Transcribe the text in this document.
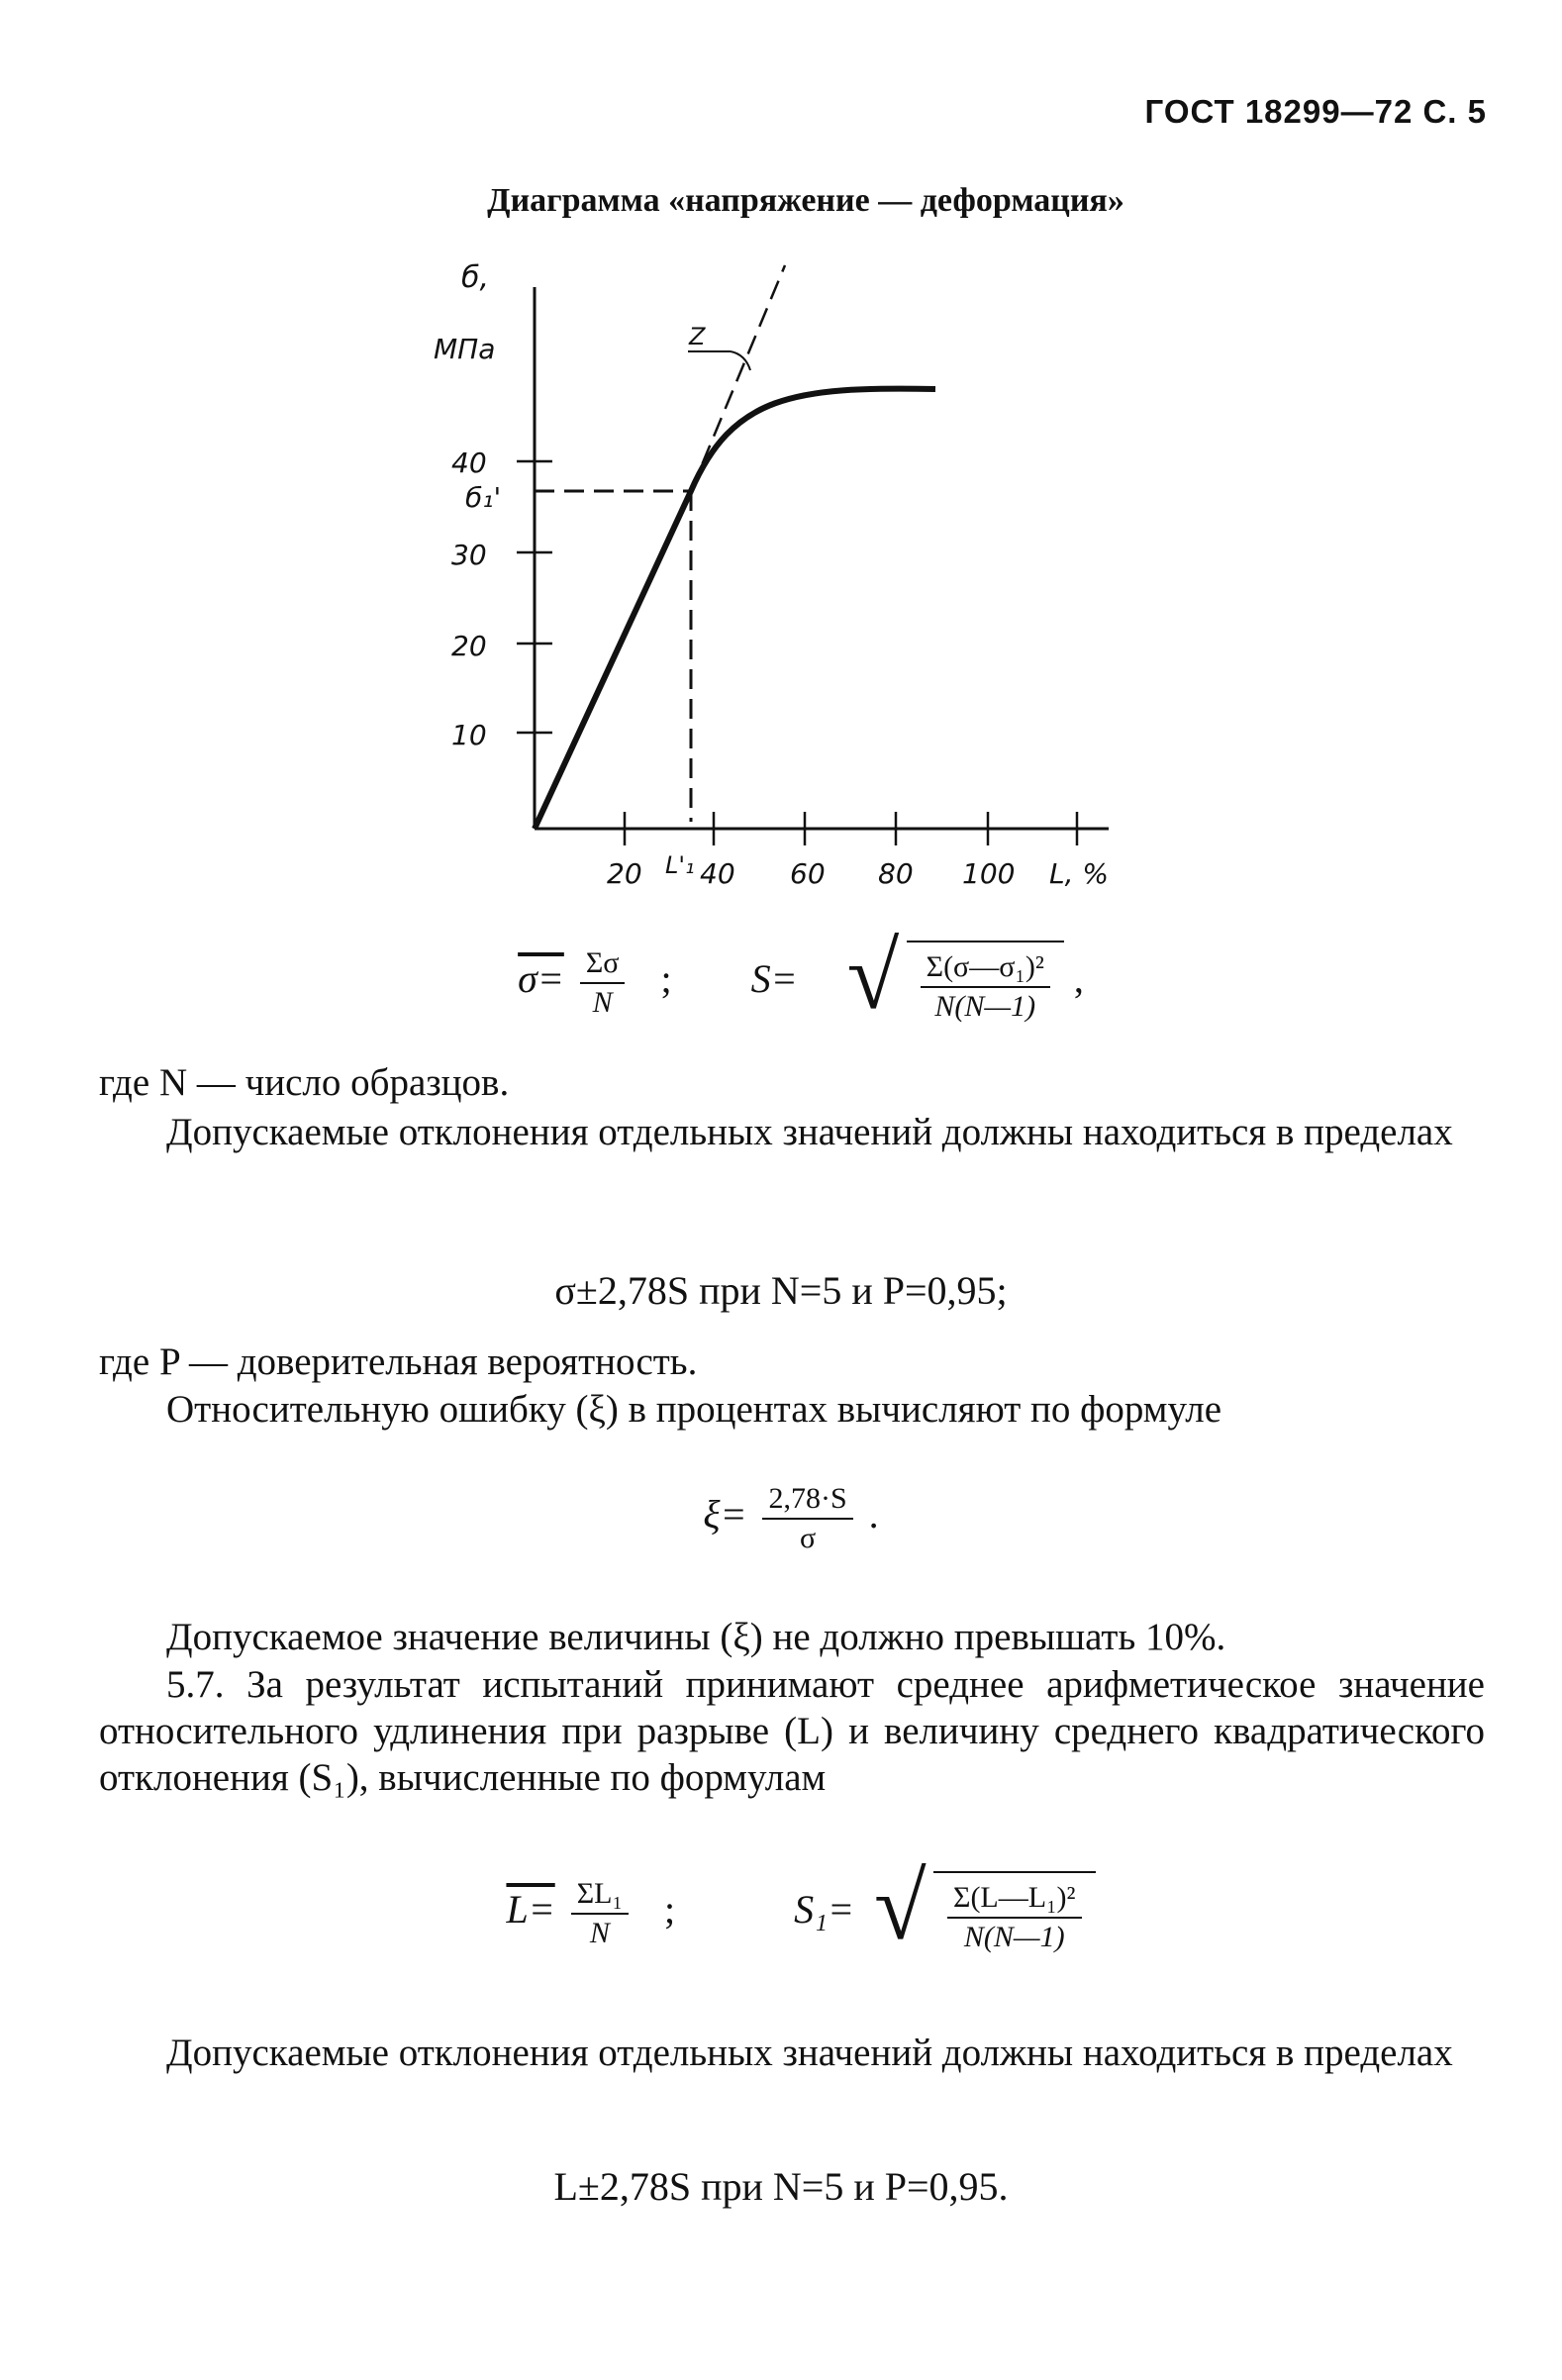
ГОСТ 18299—72 С. 5
Диаграмма «напряжение — деформация»
б,
МПа
40
б₁'
30
20
10
20 L'₁ 40 60 80 100 L, %
Z
$\sigma= \frac{\Sigma\sigma}{N}$ ; S= √ $\frac{\text{Σ(σ—σ₁)²}}{N(N—1)}$ ,
где N — число образцов.
Допускаемые отклонения отдельных значений должны находиться в пределах
σ±2,78S при N=5 и P=0,95;
где P — доверительная вероятность.
Относительную ошибку (ξ) в процентах вычисляют по формуле
$\xi= \frac{2,78\cdot S}{\sigma}$ .
Допускаемое значение величины (ξ) не должно превышать 10%.
5.7. За результат испытаний принимают среднее арифметическое значение относительного удлинения при разрыве (L) и величину среднего квадратического отклонения (S₁), вычисленные по формулам
$L= \frac{\text{ΣL₁}}{N}$ ;	S₁= √ $\frac{\text{Σ(L—L₁)²}}{N(N—1)}$
Допускаемые отклонения отдельных значений должны находиться в пределах
L±2,78S при N=5 и P=0,95.
